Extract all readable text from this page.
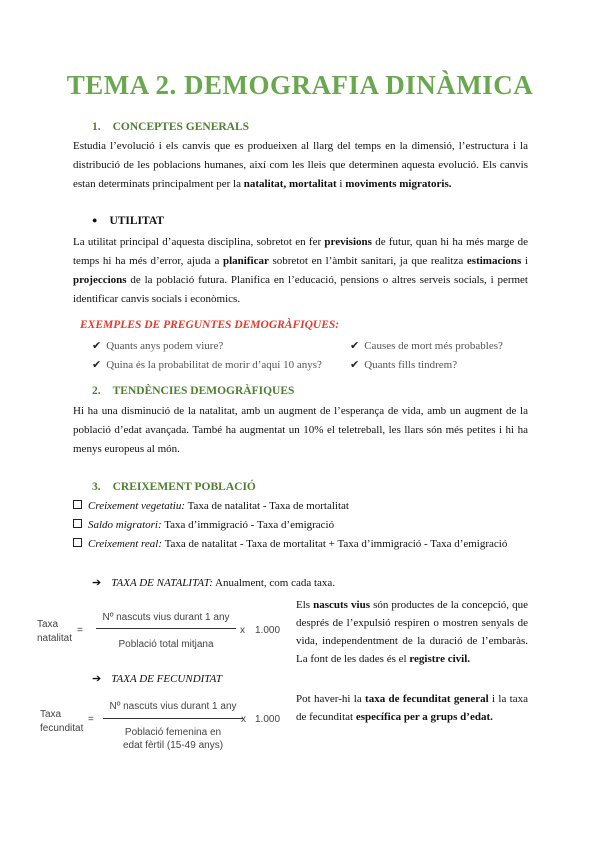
TEMA 2. DEMOGRAFIA DINÀMICA
1. CONCEPTES GENERALS
Estudia l’evolució i els canvis que es produeixen al llarg del temps en la dimensió, l’estructura i la distribució de les poblacions humanes, així com les lleis que determinen aquesta evolució. Els canvis estan determinats principalment per la natalitat, mortalitat i moviments migratoris.
● UTILITAT
La utilitat principal d’aquesta disciplina, sobretot en fer previsions de futur, quan hi ha més marge de temps hi ha més d’error, ajuda a planificar sobretot en l’àmbit sanitari, ja que realitza estimacions i projeccions de la població futura. Planifica en l’educació, pensions o altres serveis socials, i permet identificar canvis socials i econòmics.
EXEMPLES DE PREGUNTES DEMOGRÀFIQUES:
✔ Quants anys podem viure?	✔ Causes de mort més probables?
✔ Quina és la probabilitat de morir d’aquí 10 anys?	✔ Quants fills tindrem?
2. TENDÈNCIES DEMOGRÀFIQUES
Hi ha una disminució de la natalitat, amb un augment de l’esperança de vida, amb un augment de la població d’edat avançada. També ha augmentat un 10% el teletreball, les llars són més petites i hi ha menys europeus al món.
3. CREIXEMENT POBLACIÓ
Creixement vegetatiu: Taxa de natalitat - Taxa de mortalitat
Saldo migratori: Taxa d’immigració - Taxa d’emigració
Creixement real: Taxa de natalitat - Taxa de mortalitat + Taxa d’immigració - Taxa d’emigració
➔ TAXA DE NATALITAT: Anualment, com cada taxa.
Taxa
natalitat
=
Nº nascuts vius durant 1 any
Població total mitjana
x 1.000
Els nascuts vius són productes de la concepció, que després de l’expulsió respiren o mostren senyals de vida, independentment de la duració de l’embaràs. La font de les dades és el registre civil.
➔ TAXA DE FECUNDITAT
Taxa
fecunditat
=
Nº nascuts vius durant 1 any
Població femenina en
edat fèrtil (15-49 anys)
x 1.000
Pot haver-hi la taxa de fecunditat general i la taxa de fecunditat específica per a grups d’edat.
